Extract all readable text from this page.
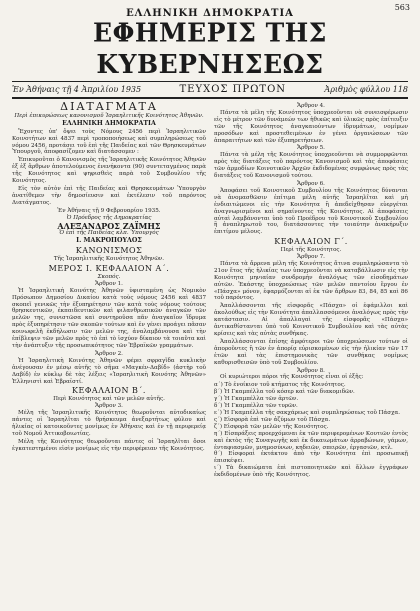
563
ΕΛΛΗΝΙΚΗ ΔΗΜΟΚΡΑΤΙΑ
ΕΦΗΜΕΡΙΣ ΤΗΣ ΚΥΒΕΡΝΗΣΕΩΣ
Ἐν Ἀθήναις τῇ 4 Ἀπριλίου 1935	ΤΕΥΧΟΣ ΠΡΩΤΟΝ	Ἀριθμὸς φύλλου 118
ΔΙΑΤΑΓΜΑΤΑ
Περὶ ἐπικυρώσεως κανονισμοῦ Ἰσραηλιτικῆς Κοινότητος Ἀθηνῶν.
ΕΛΛΗΝΙΚΗ ΔΗΜΟΚΡΑΤΙΑ

Ἔχοντες ὑπ' ὄψει τοὺς Νόμους 2456 περὶ Ἰσραηλιτικῶν Κοινοτήτων καὶ 4837 περὶ τροποποιήσεως καὶ συμπληρώσεως τοῦ νόμου 2456, προτάσει τοῦ ἐπὶ τῆς Παιδείας καὶ τῶν Θρησκευμάτων Ὑπουργοῦ, ἀποφασίζομεν καὶ διατάσσομεν :

Ἐπικυροῦται ὁ Κανονισμὸς τῆς Ἰσραηλιτικῆς Κοινότητος Ἀθηνῶν ἐξ ἐξ ἄρθρων ἀποτελούμενος ἐνενήκοντα (90) συντεταγμένος παρὰ τῆς Κοινότητος καὶ ψηφισθεὶς παρὰ τοῦ Συμβουλίου τῆς Κοινότητος.

Εἰς τὸν αὐτὸν ἐπὶ τῆς Παιδείας καὶ Θρησκευμάτων Ὑπουργὸν ἀνατίθεμεν τὴν δημοσίευσιν καὶ ἐκτέλεσιν τοῦ παρόντος Διατάγματος.

Ἐν Ἀθήναις τῇ 9 Φεβρουαρίου 1935.
Ὁ Πρόεδρος τῆς Δημοκρατίας
ΑΛΕΞΑΝΔΡΟΣ ΖΑΪΜΗΣ
Ὁ ἐπὶ τῆς Παιδείας κλπ. Ὑπουργός
Ι. ΜΑΚΡΟΠΟΥΛΟΣ
ΚΑΝΟΝΙΣΜΟΣ
Τῆς Ἰσραηλιτικῆς Κοινότητος Ἀθηνῶν.
ΜΕΡΟΣ Ι. ΚΕΦΑΛΑΙΟΝ Α΄.
Σκοπός.
Ἄρθρον 1.

Ἡ Ἰσραηλιτικὴ Κοινότης Ἀθηνῶν ὑφισταμένη ὡς Νομικὸν Πρόσωπον Δημοσίου Δικαίου κατὰ τοὺς νόμους 2456 καὶ 4837 σκοπεῖ γενικῶς τὴν ἐξυπηρέτησιν τῶν κατὰ τοὺς νόμους τούτους θρησκευτικῶν, ἐκπαιδευτικῶν καὶ φιλανθρωπικῶν ἀναγκῶν τῶν μελῶν της, συνιστῶσα καὶ συντηροῦσα πᾶν ἀναγκαῖον ἵδρυμα πρὸς ἐξυπηρέτησιν τῶν σκοπῶν τούτων καὶ ἐν γένει προάγει πᾶσαν κοινωφελῆ ἐκδήλωσιν τῶν μελῶν της, ἀναλαμβάνουσα καὶ τὴν ἐπίβλεψιν τῶν μελῶν πρὸς τὸ ἐπὶ τὸ ἰσχύον δίκαιον τὰ τοιαῦτα καὶ τὴν ἀνάπτυξιν τῆς προσωπικότητος τῶν Ἑβραϊκῶν γραμμάτων.

Ἄρθρον 2.

Ἡ Ἰσραηλιτικὴ Κοινότης Ἀθηνῶν φέρει σφραγῖδα κυκλικὴν ἀνέγουσαν ἐν μέσῳ αὐτῆς τὸ σῆμα «Μαγκέν-Δαβίδ» (ἀστὴρ τοῦ Δαβίδ) ἐν κύκλῳ δὲ τὰς λέξεις «Ἰσραηλιτικὴ Κοινότης Ἀθηνῶν» Ἑλληνιστὶ καὶ Ἑβραϊστί.

ΚΕΦΑΛΑΙΟΝ Β΄.
Περὶ Κοινότητος καὶ τῶν μελῶν αὐτῆς.
Ἄρθρον 3.

Μέλη τῆς Ἰσραηλιτικῆς Κοινότητος θεωροῦνται αὐτοδικαίως πάντες οἱ Ἰσραηλῖται τὸ θρήσκευμα ἀνεξαρτήτως φύλου καὶ ἡλικίας οἱ κατοικοῦντες μονίμως ἐν Ἀθήναις καὶ ἐν τῇ περιφερείᾳ τοῦ Νομοῦ Ἀττικοβοιωτίας.

Μέλη τῆς Κοινότητος θεωροῦνται πάντες οἱ Ἰσραηλῖται ὅσοι ἐγκατεστημένοι εἰσὶν μονίμως εἰς τὴν περιφέρειαν τῆς Κοινότητος.

Ἄρθρον 4.

Πάντα τὰ μέλη τῆς Κοινότητος ὑποχρεοῦνται νὰ συνεισφέρωσιν εἰς τὸ μέτρον τῶν δυνάμεών των ἠθικῶς καὶ ὑλικῶς πρὸς ἐπίτευξιν τῶν τῆς Κοινότητος ἀναγκαιούντων ἱδρυμάτων, νομίμων προσόδων καὶ προστεθειμένων ἐν γένει ὀργανώσεων τῶν ἀπαραιτήτων καὶ τῶν ἐξυπηρετήσεων.

Ἄρθρον 5.

Πάντα τὰ μέλη τῆς Κοινότητος ὑποχρεοῦνται νὰ συμμορφῶνται πρὸς τὰς διατάξεις τοῦ παρόντος Κανονισμοῦ καὶ τὰς ἀποφάσεις τῶν ἀρμοδίων Κοινοτικῶν Ἀρχῶν ἐκδιδομένας συμφώνως πρὸς τὰς διατάξεις τοῦ Κανονισμοῦ τούτου.

Ἄρθρον 6.

Ἀποφάσει τοῦ Κοινοτικοῦ Συμβουλίου τῆς Κοινότητος δύνανται νὰ ἀνομασθῶσιν ἐπίτιμα μέλη αὐτῆς Ἰσραηλῖται καὶ μὴ ἐνδιαιτώμενοι εἰς τὴν Κοινότητα ἢ ἀπεδείχθησαν εὐεργέται ἀναγνωρισμένοι καὶ σημαίνοντες τῆς Κοινότητος. Αἱ ἀποφάσεις αὐταὶ λαμβάνονται ὑπὸ τοῦ Προέδρου τοῦ Κοινοτικοῦ Συμβουλίου ἢ ἀναπληρωτοῦ του, διατάσσοντες τὴν τοιαύτην ἀνακήρυξιν ἐπιτίμου μέλους.

ΚΕΦΑΛΑΙΟΝ Γ΄.
Περὶ τῆς Κοινότητος.
Ἄρθρον 7.

Πάντα τὰ ἄρρενα μέλη τῆς Κοινότητος ἅτινα συμπληρώσαντα τὸ 21ον ἔτος τῆς ἡλικίας των ὑποχρεοῦνται νὰ καταβάλλωσιν εἰς τὴν Κοινότητα μηνιαίαν συνδρομὴν ἀναλόγως τῶν εἰσοδημάτων αὐτῶν. Ἑκάστης ὑποχρεώσεως τῶν μελῶν παντοίου ἔργου ἐν «Πάσχα» μόνον, ἐφαρμόζονται αἱ ἐκ τῶν ἄρθρων 83, 84, 85 καὶ 86 τοῦ παρόντος.

Ἀπαλλάσσονται τῆς εἰσφορᾶς «Πάσχα» οἱ ἐφάμιλλοι καὶ ἀκολούθως εἰς τὴν Κοινότητα ἀπαλλασσόμενοι ἀναλόγως πρὸς τὴν κατάστασιν. Αἱ ἀπαλλαγαὶ τῆς εἰσφορᾶς «Πάσχα» ἀντικαθίστανται ὑπὸ τοῦ Κοινοτικοῦ Συμβουλίου καὶ τὰς αὐτὰς κρίσεις καὶ τὰς αὐτὰς συνθήκας.

Ἀπαλλάσσονται ἐπίσης ἀμφότεροι τῶν ὑποχρεώσεων τούτων οἱ ἀποροῦντες ἢ τῶν ἐν ἀπορίᾳ εὑρισκομένων εἰς τὴν ἡλικίαν τῶν 17 ἐτῶν καὶ τὰς ἐπιστημονικὰς τῶν συνθήκας νομίμως καθορισθεισῶν ὑπὸ τοῦ Συμβουλίου.

Ἄρθρον 8.

Οἱ κυριώτεροι πόροι τῆς Κοινότητος εἶναι οἱ ἑξῆς:

α΄) Τὸ ἐνοίκιον τοῦ κτήματος τῆς Κοινότητος.
β΄) Ἡ Γκαμπέλλα τοῦ κόσερ καὶ τῶν διακομιδῶν.
γ΄) Ἡ Γκαμπέλλα τῶν ἀρτῶν.
δ΄) Ἡ Γκαμπέλλα τῶν τυρῶν.
ε΄) Ἡ Γκαμπέλλα τῆς σακχάρεως καὶ συμπληρώσεως τοῦ Πάσχα.
ς΄) Εἰσφορὰ ἐπὶ τῶν ἀζύμων τοῦ Πάσχα.
ζ΄) Εἰσφορὰ τῶν μελῶν τῆς Κοινότητος.
η΄) Εἰσπράξεις προερχόμεναι ἐκ τῶν περιφερομένων Κουτιῶν ἐντὸς καὶ ἐκτὸς τῆς Συναγωγῆς καὶ ἐκ δικαιωμάτων ἀρραβώνων, γάμων, ἐνταφιασμῶν, μνημοσύνων, κηδειῶν, σπειρῶν, ἐργασιῶν, κτλ.
θ΄) Εἰσφοραὶ ἐκτάκτου ἀπὸ τὴν Κοινότητα ἐπὶ προσωπικῇ ἐπισκέψει.
ι΄) Τὰ δικαιώματα ἐπὶ πιστοποιητικῶν καὶ ἄλλων ἐγγράφων ἐκδιδομένων ὑπὸ τῆς Κοινότητος.
